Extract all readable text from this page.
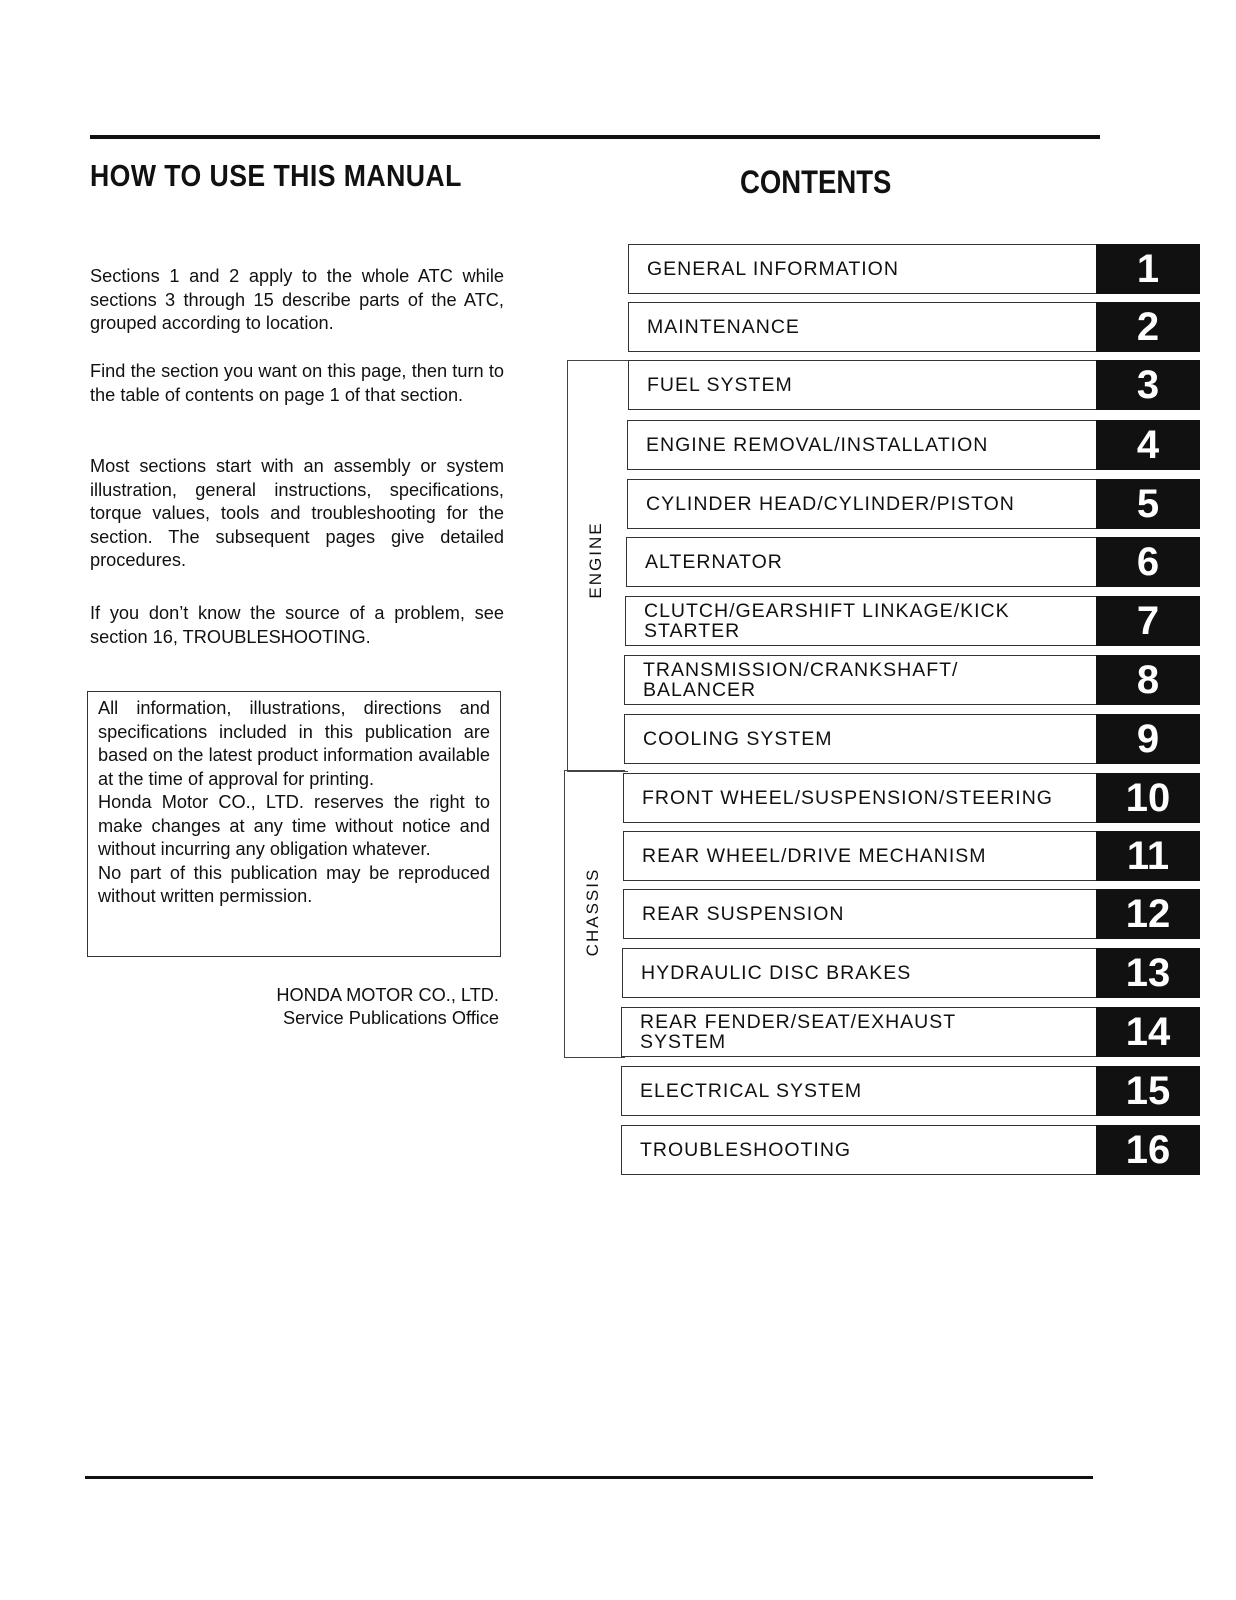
HOW TO USE THIS MANUAL

Sections 1 and 2 apply to the whole ATC while sections 3 through 15 describe parts of the ATC, grouped according to location.

Find the section you want on this page, then turn to the table of contents on page 1 of that section.

Most sections start with an assembly or system illustration, general instructions, specifications, torque values, tools and troubleshooting for the section. The subsequent pages give detailed procedures.

If you don’t know the source of a problem, see section 16, TROUBLESHOOTING.

All information, illustrations, directions and specifications included in this publication are based on the latest product information available at the time of approval for printing.

Honda Motor CO., LTD. reserves the right to make changes at any time without notice and without incurring any obligation whatever.

No part of this publication may be reproduced without written permission.

HONDA MOTOR CO., LTD.
Service Publications Office
CONTENTS
ENGINE
CHASSIS
GENERAL INFORMATION	1
MAINTENANCE	2
FUEL SYSTEM	3
ENGINE REMOVAL/INSTALLATION	4
CYLINDER HEAD/CYLINDER/PISTON	5
ALTERNATOR	6
CLUTCH/GEARSHIFT LINKAGE/KICK
STARTER	7
TRANSMISSION/CRANKSHAFT/
BALANCER	8
COOLING SYSTEM	9
FRONT WHEEL/SUSPENSION/STEERING	10
REAR WHEEL/DRIVE MECHANISM	11
REAR SUSPENSION	12
HYDRAULIC DISC BRAKES	13
REAR FENDER/SEAT/EXHAUST
SYSTEM	14
ELECTRICAL SYSTEM	15
TROUBLESHOOTING	16
